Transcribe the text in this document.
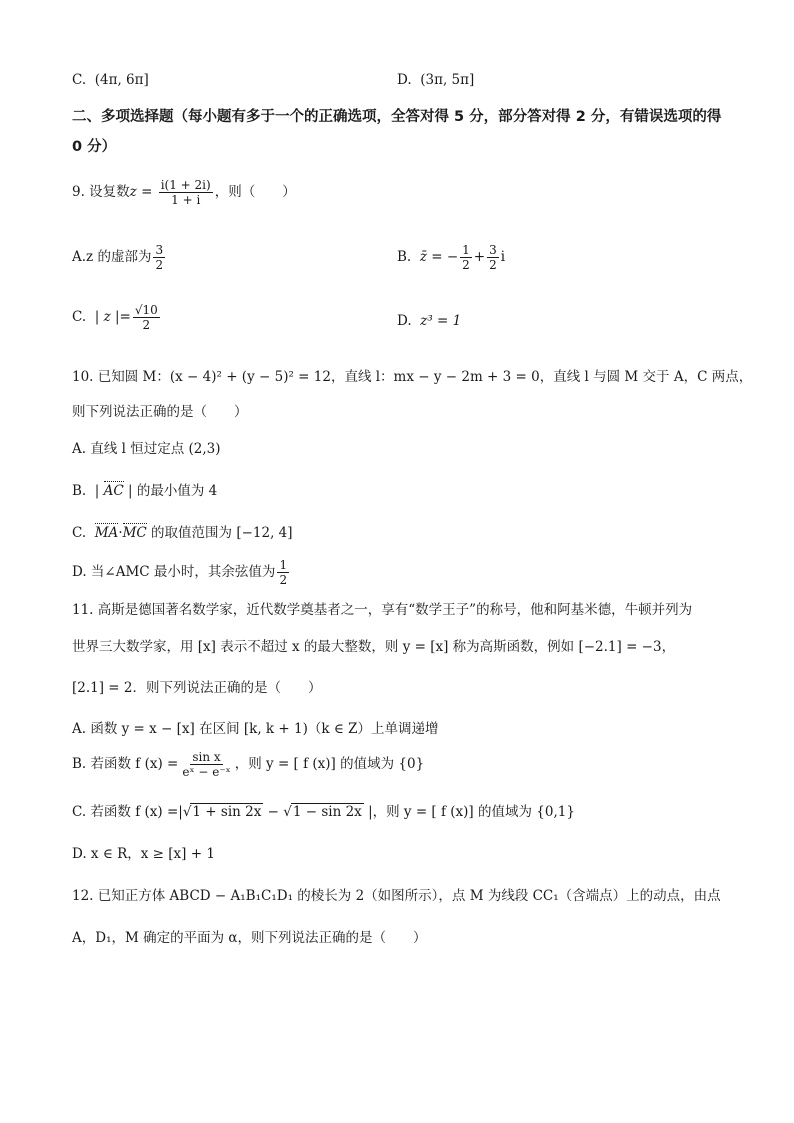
C. (4π, 6π]	D. (3π, 5π]
二、多项选择题（每小题有多于一个的正确选项，全答对得 5 分，部分答对得 2 分，有错误选项的得 0 分）
9. 设复数$z = \frac{i(1 + 2i)}{1 + i}$ ，则（　　）
A.z 的虚部为 $\frac{3}{2}$	B. z̄ = − $\frac{1}{2} + \frac{3}{2}$ i
C. | z |= $\frac{√10}{2}$	D. z³ = 1
10. 已知圆 M：(x − 4)² + (y − 5)² = 12，直线 l：mx − y − 2m + 3 = 0，直线 l 与圆 M 交于 A，C 两点，
则下列说法正确的是（　　）
A. 直线 l 恒过定点 (2,3)
B.  | AC | 的最小值为 4
C. MA·MC 的取值范围为 [−12, 4]
D. 当∠AMC 最小时，其余弦值为 $\frac{1}{2}$
11. 高斯是德国著名数学家，近代数学奠基者之一，享有“数学王子”的称号，他和阿基米德，牛顿并列为
世界三大数学家，用 [x] 表示不超过 x 的最大整数，则 y = [x] 称为高斯函数，例如 [−2.1] = −3，
[2.1] = 2．则下列说法正确的是（　　）
A. 函数 y = x − [x] 在区间 [k, k + 1)（k ∈ Z）上单调递增
B. 若函数 f $(x) = \frac{\text{sin x}}{\text{eˣ − e⁻ˣ}}$ ，则 y = [ f (x)] 的值域为 {0}
C. 若函数 f (x) =|√1 + sin 2x − √1 − sin 2x |，则 y = [ f (x)] 的值域为 {0,1}
D. x ∈ R，x ≥ [x] + 1
12. 已知正方体 ABCD − A₁B₁C₁D₁ 的棱长为 2（如图所示），点 M 为线段 CC₁（含端点）上的动点，由点
A，D₁，M 确定的平面为 α，则下列说法正确的是（　　）
